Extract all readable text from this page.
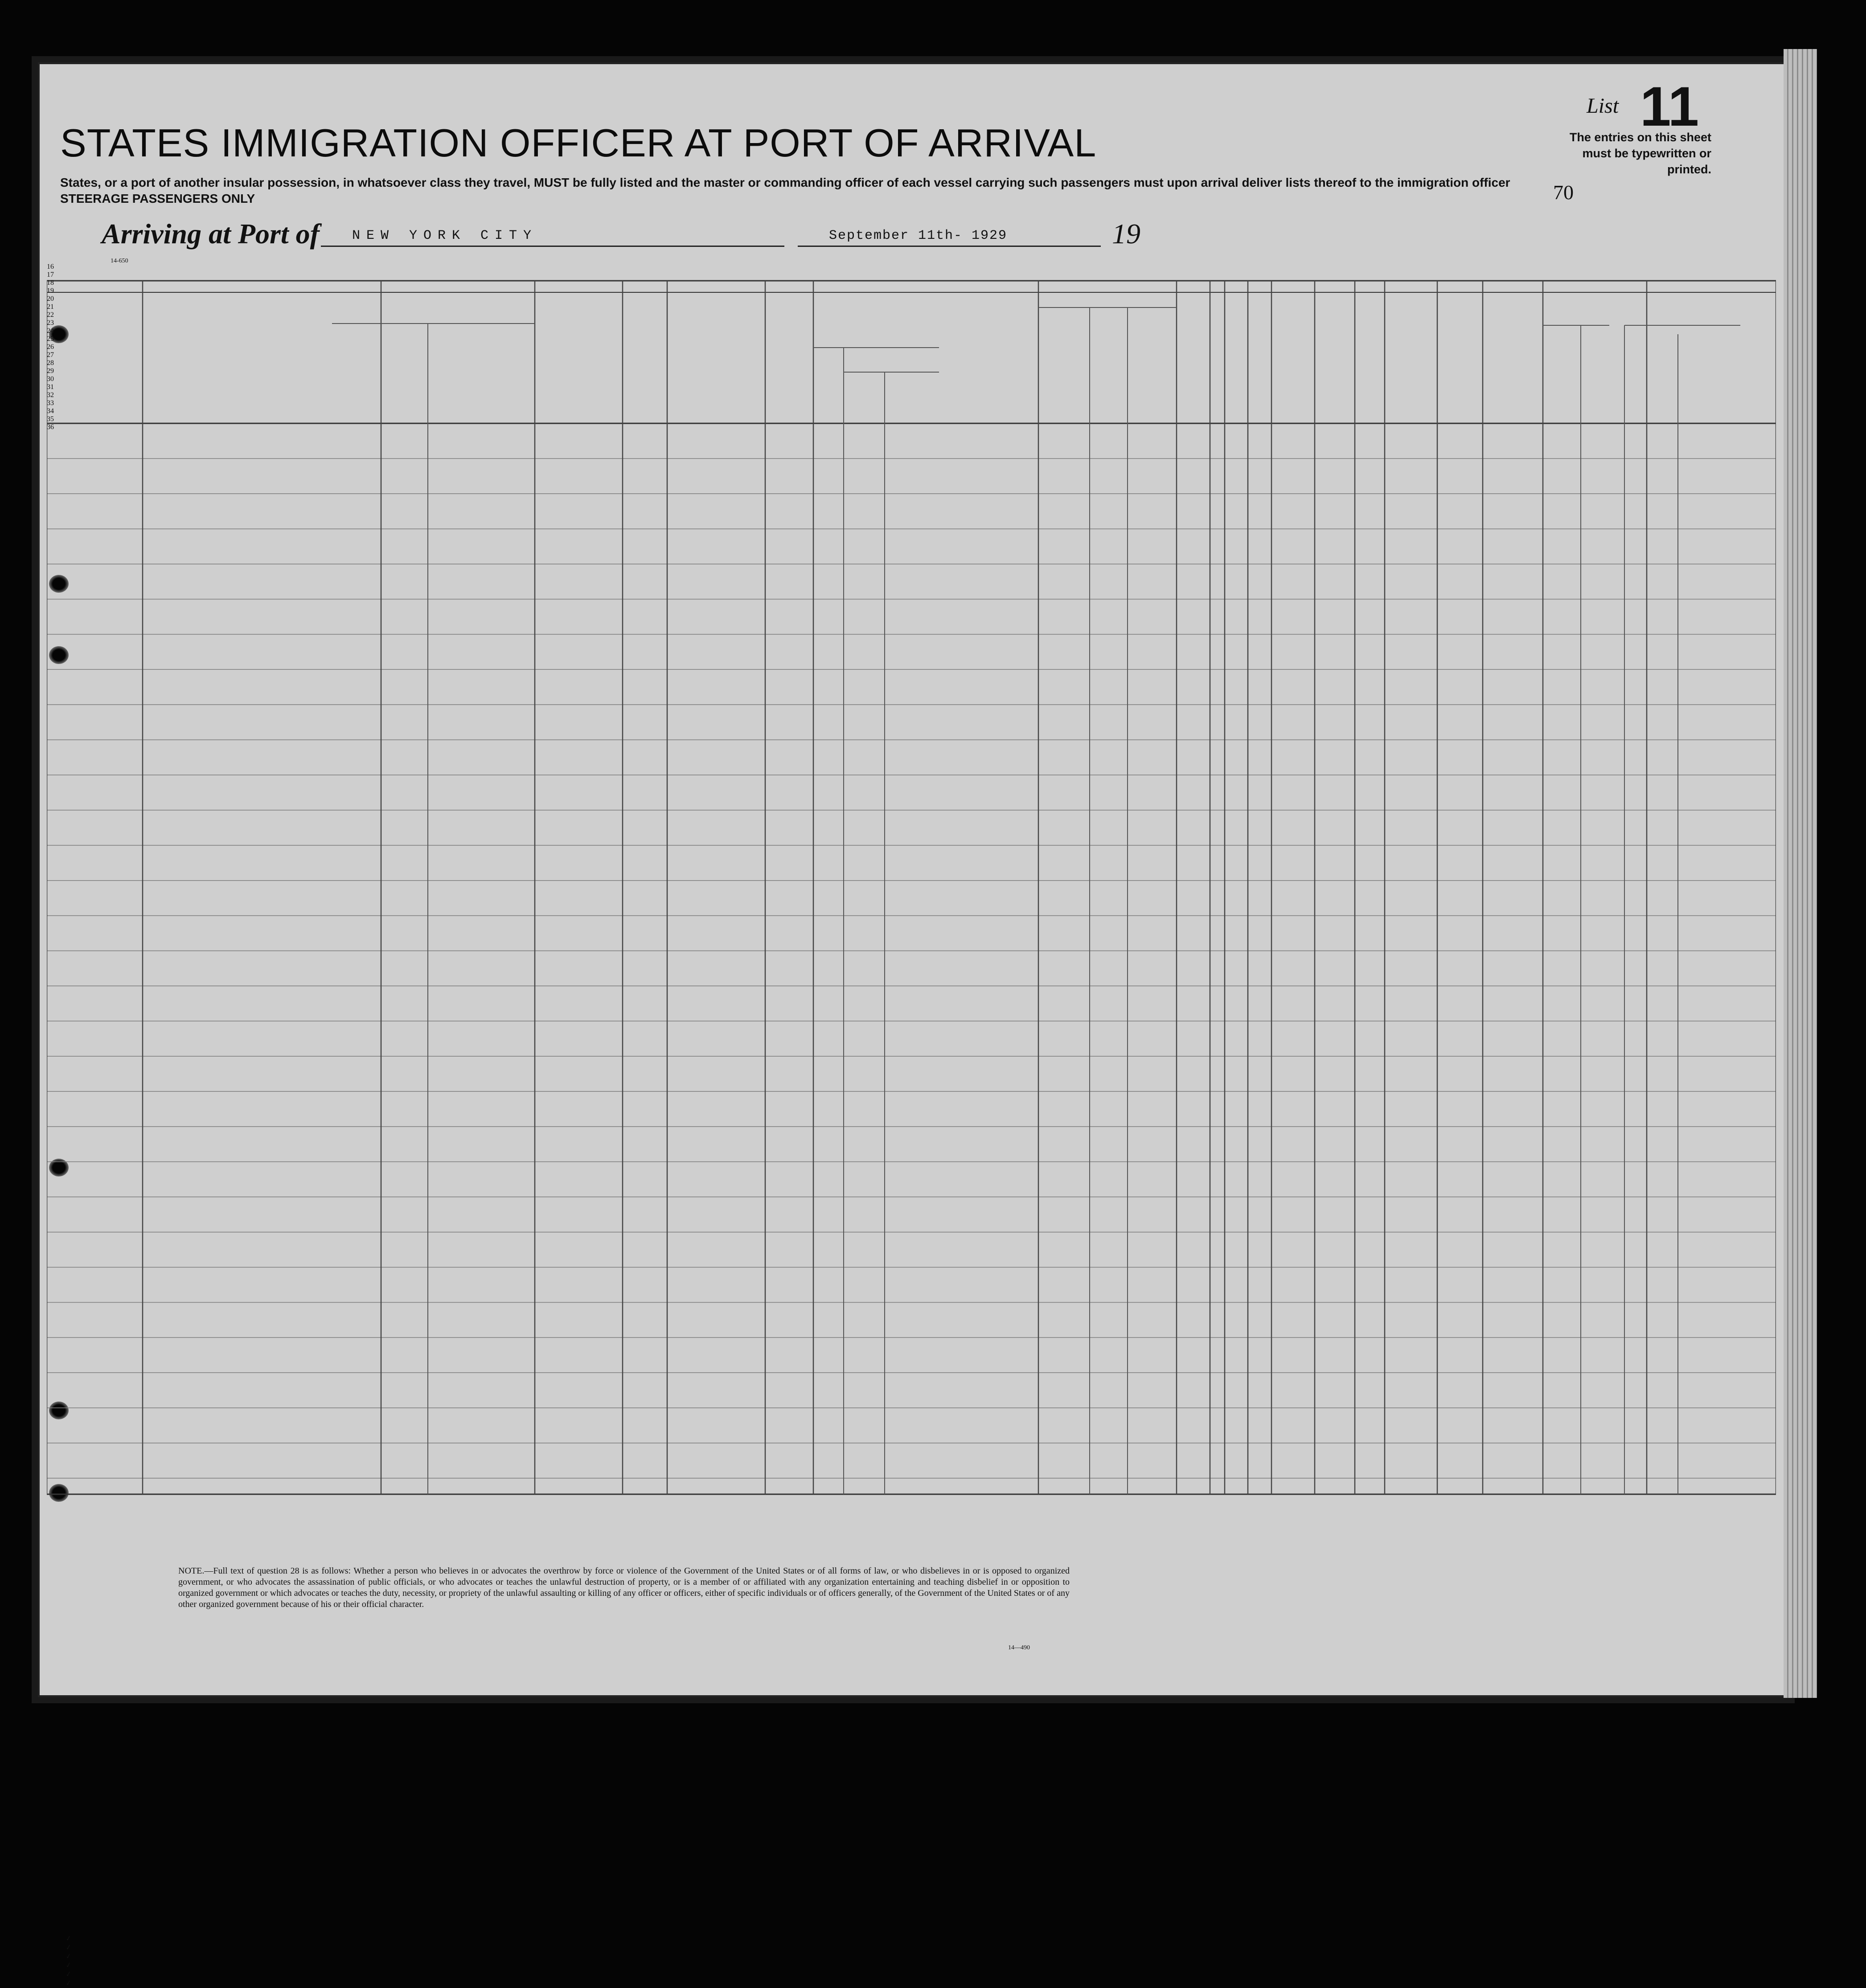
STATES IMMIGRATION OFFICER AT PORT OF ARRIVAL
States, or a port of another insular possession, in whatsoever class they travel, MUST be fully listed and the master or commanding officer of each vessel carrying such passengers must upon arrival deliver lists thereof to the immigration officer
STEERAGE PASSENGERS ONLY
List 11
The entries on this sheet must be typewritten or printed.
70
Arriving at Port of NEW YORK CITY	September 11th- 1929	19
14-650
16
17
18
19
20
21
22
23
24
25
26
27
28
29
30
31
32
33
34
35
36
✓
✓
✓
✓
✓
✓
NOTE.—Full text of question 28 is as follows: Whether a person who believes in or advocates the overthrow by force or violence of the Government of the United States or of all forms of law, or who disbelieves in or is opposed to organized government, or who advocates the assassination of public officials, or who advocates or teaches the unlawful destruction of property, or is a member of or affiliated with any organization entertaining and teaching disbelief in or opposition to organized government or which advocates or teaches the duty, necessity, or propriety of the unlawful assaulting or killing of any officer or officers, either of specific individuals or of officers generally, of the Government of the United States or of any other organized government because of his or their official character.
14—490
